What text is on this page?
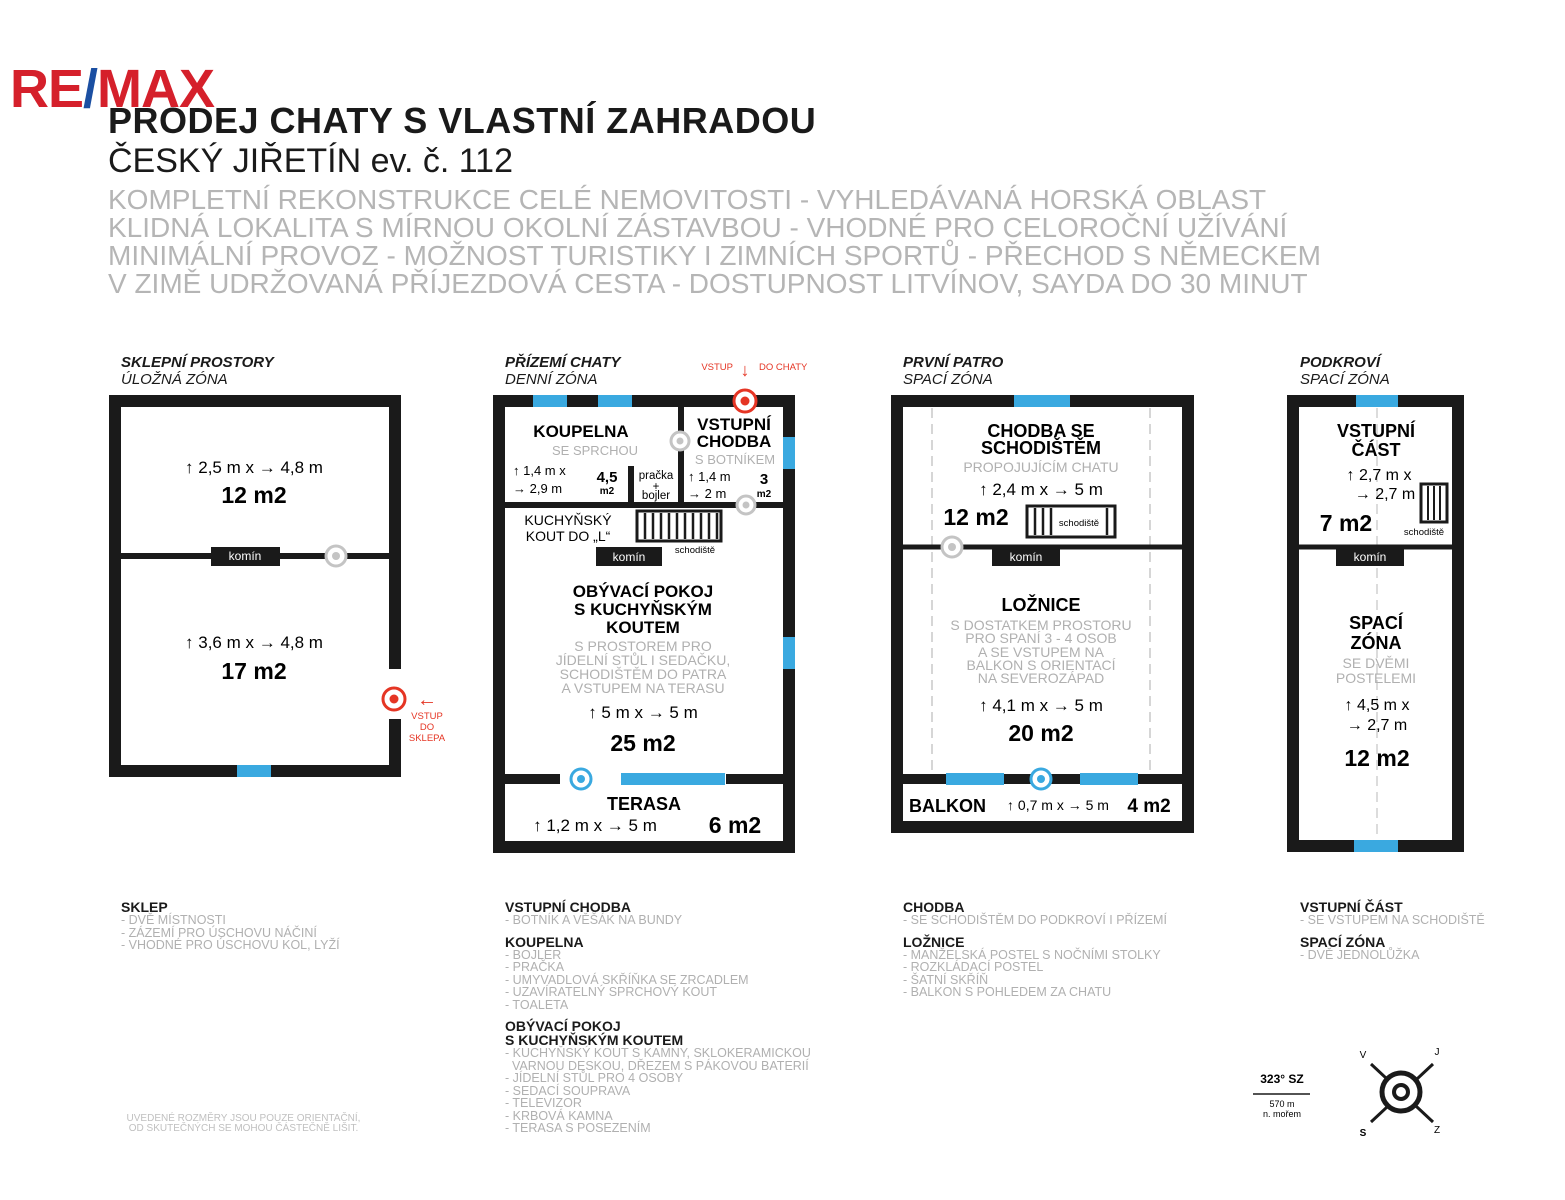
RE/MAX
PRODEJ CHATY S VLASTNÍ ZAHRADOU
ČESKÝ JIŘETÍN ev. č. 112
KOMPLETNÍ REKONSTRUKCE CELÉ NEMOVITOSTI - VYHLEDÁVANÁ HORSKÁ OBLAST
KLIDNÁ LOKALITA S MÍRNOU OKOLNÍ ZÁSTAVBOU - VHODNÉ PRO CELOROČNÍ UŽÍVÁNÍ
MINIMÁLNÍ PROVOZ - MOŽNOST TURISTIKY I ZIMNÍCH SPORTŮ - PŘECHOD S NĚMECKEM
V ZIMĚ UDRŽOVANÁ PŘÍJEZDOVÁ CESTA - DOSTUPNOST LITVÍNOV, SAYDA DO 30 MINUT
SKLEPNÍ PROSTORY
ÚLOŽNÁ ZÓNA
PŘÍZEMÍ CHATY
DENNÍ ZÓNA
PRVNÍ PATRO
SPACÍ ZÓNA
PODKROVÍ
SPACÍ ZÓNA
komín
↑ 2,5 m x → 4,8 m
12 m2
↑ 3,6 m x → 4,8 m
17 m2
←
VSTUP
DO
SKLEPA
schodiště
komín
↓
VSTUP	DO CHATY
KOUPELNA
SE SPRCHOU
↑ 1,4 m x
→ 2,9 m
4,5
m2
pračka
+
bojler
VSTUPNÍ
CHODBA
S BOTNÍKEM
↑ 1,4 m
→ 2 m
3
m2
KUCHYŇSKÝ
KOUT DO „L“
OBÝVACÍ POKOJ
S KUCHYŇSKÝM
KOUTEM
S PROSTOREM PRO
JÍDELNÍ STŮL I SEDAČKU,
SCHODIŠTĚM DO PATRA
A VSTUPEM NA TERASU
↑ 5 m x → 5 m
25 m2
TERASA
↑ 1,2 m x → 5 m 6 m2
schodiště
komín
CHODBA SE
SCHODIŠTĚM
PROPOJUJÍCÍM CHATU
↑ 2,4 m x → 5 m
12 m2
LOŽNICE
S DOSTATKEM PROSTORU
PRO SPANÍ 3 - 4 OSOB
A SE VSTUPEM NA
BALKON S ORIENTACÍ
NA SEVEROZÁPAD
↑ 4,1 m x → 5 m
20 m2
BALKON ↑ 0,7 m x → 5 m 4 m2
schodiště
komín
VSTUPNÍ
ČÁST
↑ 2,7 m x
→ 2,7 m
7 m2
SPACÍ
ZÓNA
SE DVĚMI
POSTELEMI
↑ 4,5 m x
→ 2,7 m
12 m2
323° SZ
570 m
n. mořem
V	J
S	Z
SKLEP
- DVĚ MÍSTNOSTI
- ZÁZEMÍ PRO ÚSCHOVU NÁČINÍ
- VHODNÉ PRO ÚSCHOVU KOL, LYŽÍ
VSTUPNÍ CHODBA
- BOTNÍK A VĚŠÁK NA BUNDY
KOUPELNA
- BOJLER
- PRAČKA
- UMYVADLOVÁ SKŘÍŇKA SE ZRCADLEM
- UZAVÍRATELNÝ SPRCHOVÝ KOUT
- TOALETA
OBÝVACÍ POKOJ
S KUCHYŇSKÝM KOUTEM
- KUCHYŇSKÝ KOUT S KAMNY, SKLOKERAMICKOU
VARNOU DESKOU, DŘEZEM S PÁKOVOU BATERIÍ
- JÍDELNÍ STŮL PRO 4 OSOBY
- SEDACÍ SOUPRAVA
- TELEVIZOR
- KRBOVÁ KAMNA
- TERASA S POSEZENÍM
CHODBA
- SE SCHODIŠTĚM DO PODKROVÍ I PŘÍZEMÍ
LOŽNICE
- MANŽELSKÁ POSTEL S NOČNÍMI STOLKY
- ROZKLÁDACÍ POSTEL
- ŠATNÍ SKŘÍŇ
- BALKON S POHLEDEM ZA CHATU
VSTUPNÍ ČÁST
- SE VSTUPEM NA SCHODIŠTĚ
SPACÍ ZÓNA
- DVĚ JEDNOLŮŽKA
UVEDENÉ ROZMĚRY JSOU POUZE ORIENTAČNÍ,
OD SKUTEČNÝCH SE MOHOU ČÁSTEČNĚ LIŠIT.
